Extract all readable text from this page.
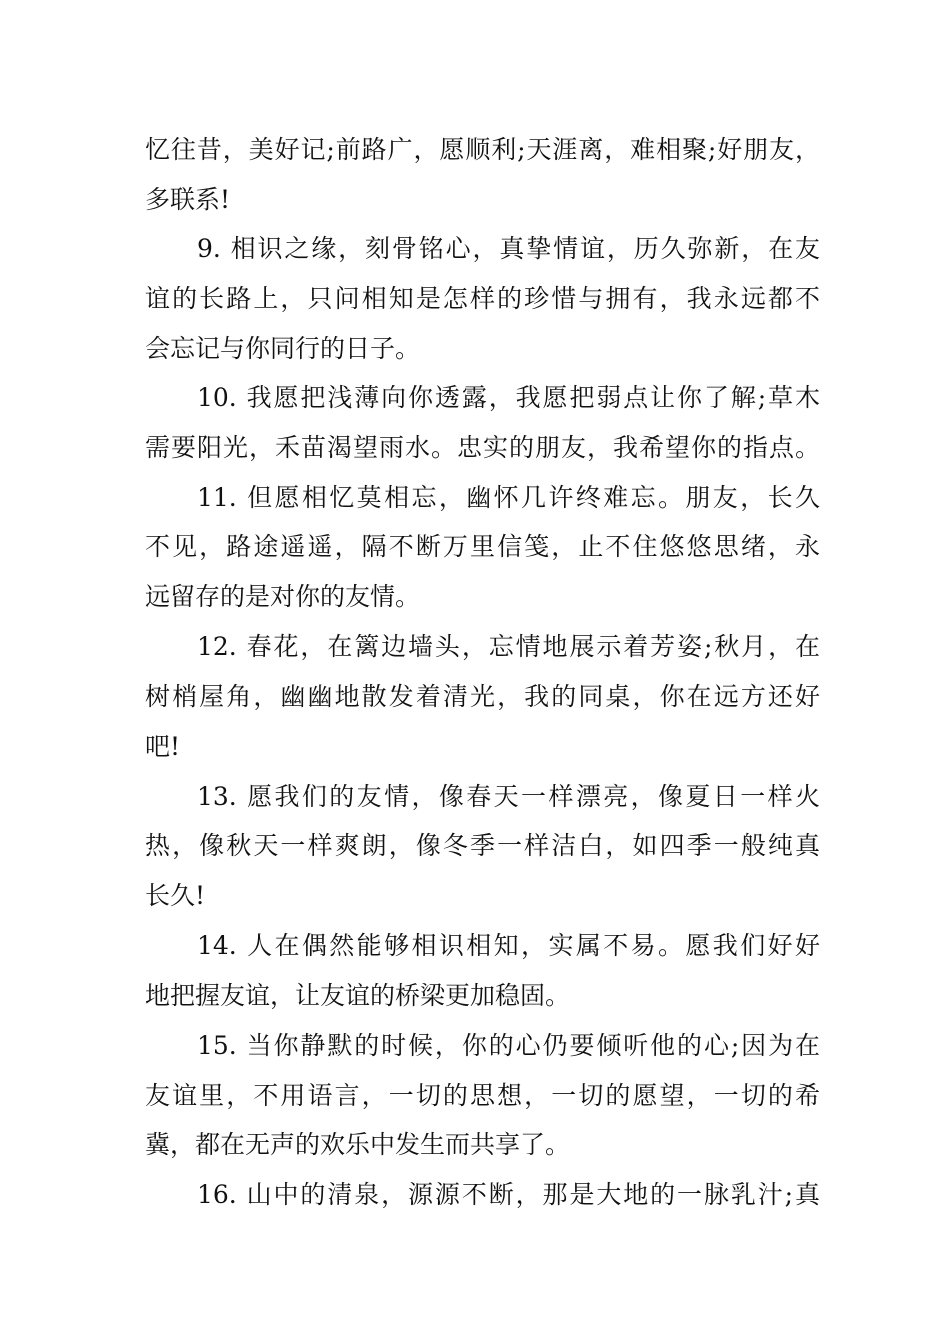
忆往昔，美好记;前路广，愿顺利;天涯离，难相聚;好朋友，
多联系!
9. 相识之缘，刻骨铭心，真挚情谊，历久弥新，在友
谊的长路上，只问相知是怎样的珍惜与拥有，我永远都不
会忘记与你同行的日子。
10. 我愿把浅薄向你透露，我愿把弱点让你了解;草木
需要阳光，禾苗渴望雨水。忠实的朋友，我希望你的指点。
11. 但愿相忆莫相忘，幽怀几许终难忘。朋友，长久
不见，路途遥遥，隔不断万里信笺，止不住悠悠思绪，永
远留存的是对你的友情。
12. 春花，在篱边墙头，忘情地展示着芳姿;秋月，在
树梢屋角，幽幽地散发着清光，我的同桌，你在远方还好
吧!
13. 愿我们的友情，像春天一样漂亮，像夏日一样火
热，像秋天一样爽朗，像冬季一样洁白，如四季一般纯真
长久!
14. 人在偶然能够相识相知，实属不易。愿我们好好
地把握友谊，让友谊的桥梁更加稳固。
15. 当你静默的时候，你的心仍要倾听他的心;因为在
友谊里，不用语言，一切的思想，一切的愿望，一切的希
冀，都在无声的欢乐中发生而共享了。
16. 山中的清泉，源源不断，那是大地的一脉乳汁;真
